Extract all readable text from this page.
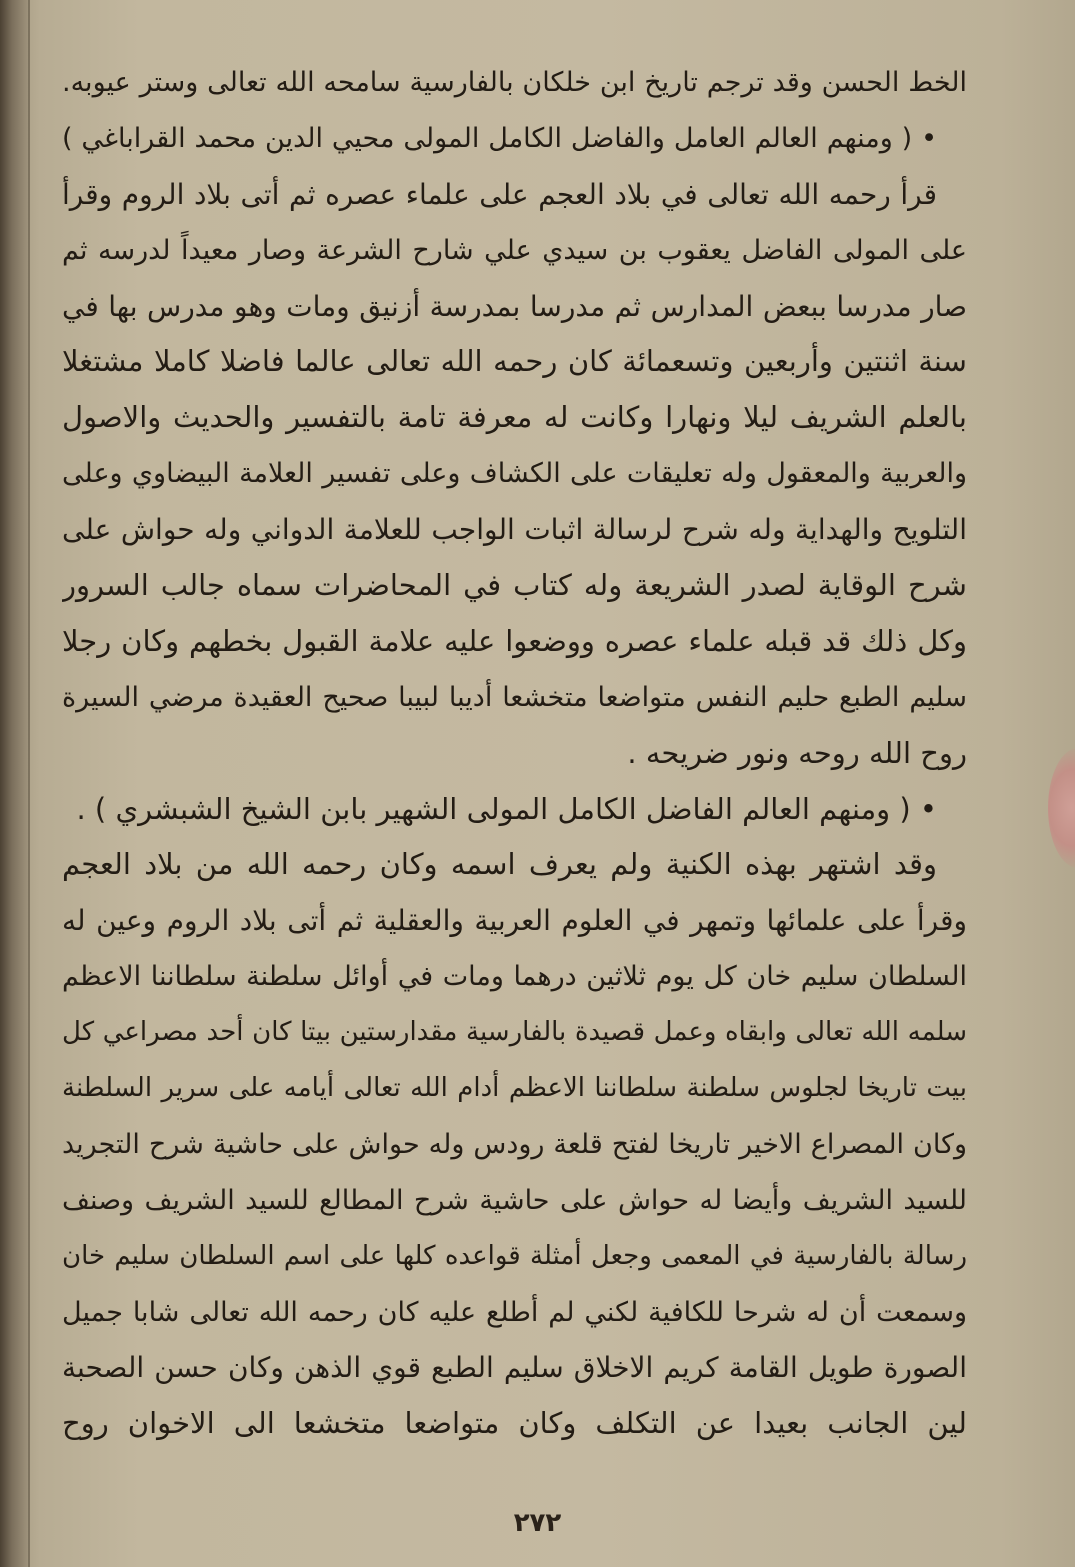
الخط الحسن وقد ترجم تاريخ ابن خلكان بالفارسية سامحه الله تعالى وستر عيوبه.
• ( ومنهم العالم العامل والفاضل الكامل المولى محيي الدين محمد القراباغي )
قرأ رحمه الله تعالى في بلاد العجم على علماء عصره ثم أتى بلاد الروم وقرأ
على المولى الفاضل يعقوب بن سيدي علي شارح الشرعة وصار معيداً لدرسه ثم
صار مدرسا ببعض المدارس ثم مدرسا بمدرسة أزنيق ومات وهو مدرس بها في
سنة اثنتين وأربعين وتسعمائة كان رحمه الله تعالى عالما فاضلا كاملا مشتغلا
بالعلم الشريف ليلا ونهارا وكانت له معرفة تامة بالتفسير والحديث والاصول
والعربية والمعقول وله تعليقات على الكشاف وعلى تفسير العلامة البيضاوي وعلى
التلويح والهداية وله شرح لرسالة اثبات الواجب للعلامة الدواني وله حواش على
شرح الوقاية لصدر الشريعة وله كتاب في المحاضرات سماه جالب السرور
وكل ذلك قد قبله علماء عصره ووضعوا عليه علامة القبول بخطهم وكان رجلا
سليم الطبع حليم النفس متواضعا متخشعا أديبا لبيبا صحيح العقيدة مرضي السيرة
روح الله روحه ونور ضريحه .
• ( ومنهم العالم الفاضل الكامل المولى الشهير بابن الشيخ الشبشري ) .
وقد اشتهر بهذه الكنية ولم يعرف اسمه وكان رحمه الله من بلاد العجم
وقرأ على علمائها وتمهر في العلوم العربية والعقلية ثم أتى بلاد الروم وعين له
السلطان سليم خان كل يوم ثلاثين درهما ومات في أوائل سلطنة سلطاننا الاعظم
سلمه الله تعالى وابقاه وعمل قصيدة بالفارسية مقدارستين بيتا كان أحد مصراعي كل
بيت تاريخا لجلوس سلطنة سلطاننا الاعظم أدام الله تعالى أيامه على سرير السلطنة
وكان المصراع الاخير تاريخا لفتح قلعة رودس وله حواش على حاشية شرح التجريد
للسيد الشريف وأيضا له حواش على حاشية شرح المطالع للسيد الشريف وصنف
رسالة بالفارسية في المعمى وجعل أمثلة قواعده كلها على اسم السلطان سليم خان
وسمعت أن له شرحا للكافية لكني لم أطلع عليه كان رحمه الله تعالى شابا جميل
الصورة طويل القامة كريم الاخلاق سليم الطبع قوي الذهن وكان حسن الصحبة
لين الجانب بعيدا عن التكلف وكان متواضعا متخشعا الى الاخوان روح
٢٧٢
